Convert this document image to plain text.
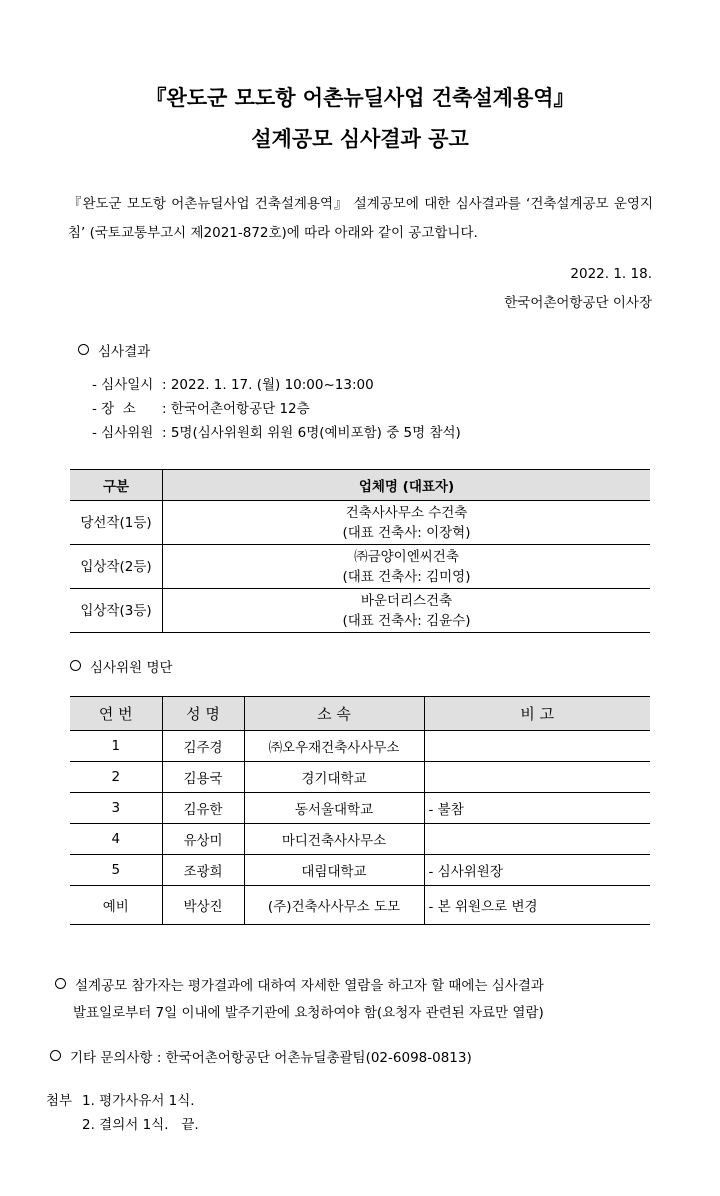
『완도군 모도항 어촌뉴딜사업 건축설계용역』
설계공모 심사결과 공고
『완도군 모도항 어촌뉴딜사업 건축설계용역』 설계공모에 대한 심사결과를 ‘건축설계공모 운영지침’ (국토교통부고시 제2021-872호)에 따라 아래와 같이 공고합니다.
2022. 1. 18.
한국어촌어항공단 이사장
심사결과
- 심사일시 : 2022. 1. 17. (월) 10:00~13:00
- 장  소 : 한국어촌어항공단 12층
- 심사위원 : 5명(심사위원회 위원 6명(예비포함) 중 5명 참석)
구분	업체명 (대표자)
당선작(1등)	건축사사무소 수건축
(대표 건축사: 이장혁)

입상작(2등)	㈜금양이엔씨건축
(대표 건축사: 김미영)

입상작(3등)	바운더리스건축
(대표 건축사: 김윤수)
심사위원 명단
연 번	성 명	소 속	비 고
1	김주경	㈜오우재건축사사무소	
2	김용국	경기대학교	
3	김유한	동서울대학교	- 불참
4	유상미	마디건축사사무소	
5	조광희	대림대학교	- 심사위원장
예비	박상진	(주)건축사사무소 도모	- 본 위원으로 변경
설계공모 참가자는 평가결과에 대하여 자세한 열람을 하고자 할 때에는 심사결과
발표일로부터 7일 이내에 발주기관에 요청하여야 함(요청자 관련된 자료만 열람)
기타 문의사항 : 한국어촌어항공단 어촌뉴딜총괄팀(02-6098-0813)
첨부 1. 평가사유서 1식.
2. 결의서 1식.   끝.
